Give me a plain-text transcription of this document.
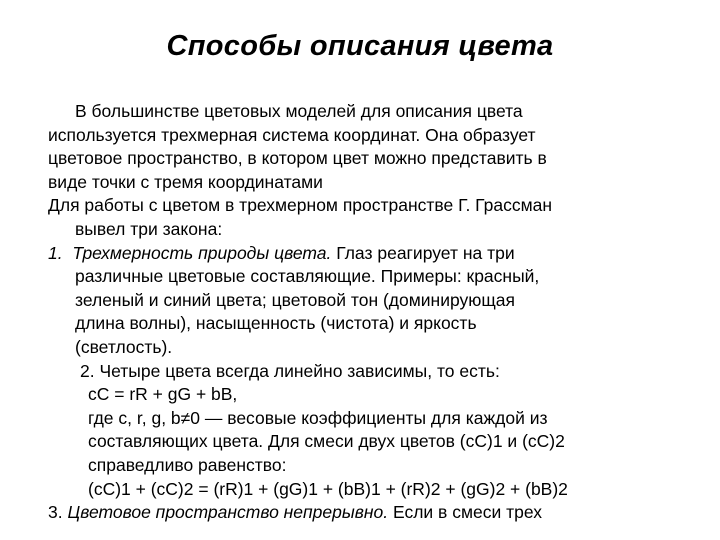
Способы описания цвета
В большинстве цветовых моделей для описания цвета
используется трехмерная система координат. Она образует
цветовое пространство, в котором цвет можно представить в
виде точки с тремя координатами
Для работы с цветом в трехмерном пространстве Г. Грассман
вывел три закона:
1. Трехмерность природы цвета. Глаз реагирует на три
различные цветовые составляющие. Примеры: красный,
зеленый и синий цвета; цветовой тон (доминирующая
длина волны), насыщенность (чистота) и яркость
(светлость).
2. Четыре цвета всегда линейно зависимы, то есть:
cC = rR + gG + bB,
где c, r, g, b≠0 — весовые коэффициенты для каждой из
составляющих цвета. Для смеси двух цветов (cC)1 и (cC)2
справедливо равенство:
(cC)1 + (cC)2 = (rR)1 + (gG)1 + (bB)1 + (rR)2 + (gG)2 + (bB)2
3. Цветовое пространство непрерывно. Если в смеси трех
